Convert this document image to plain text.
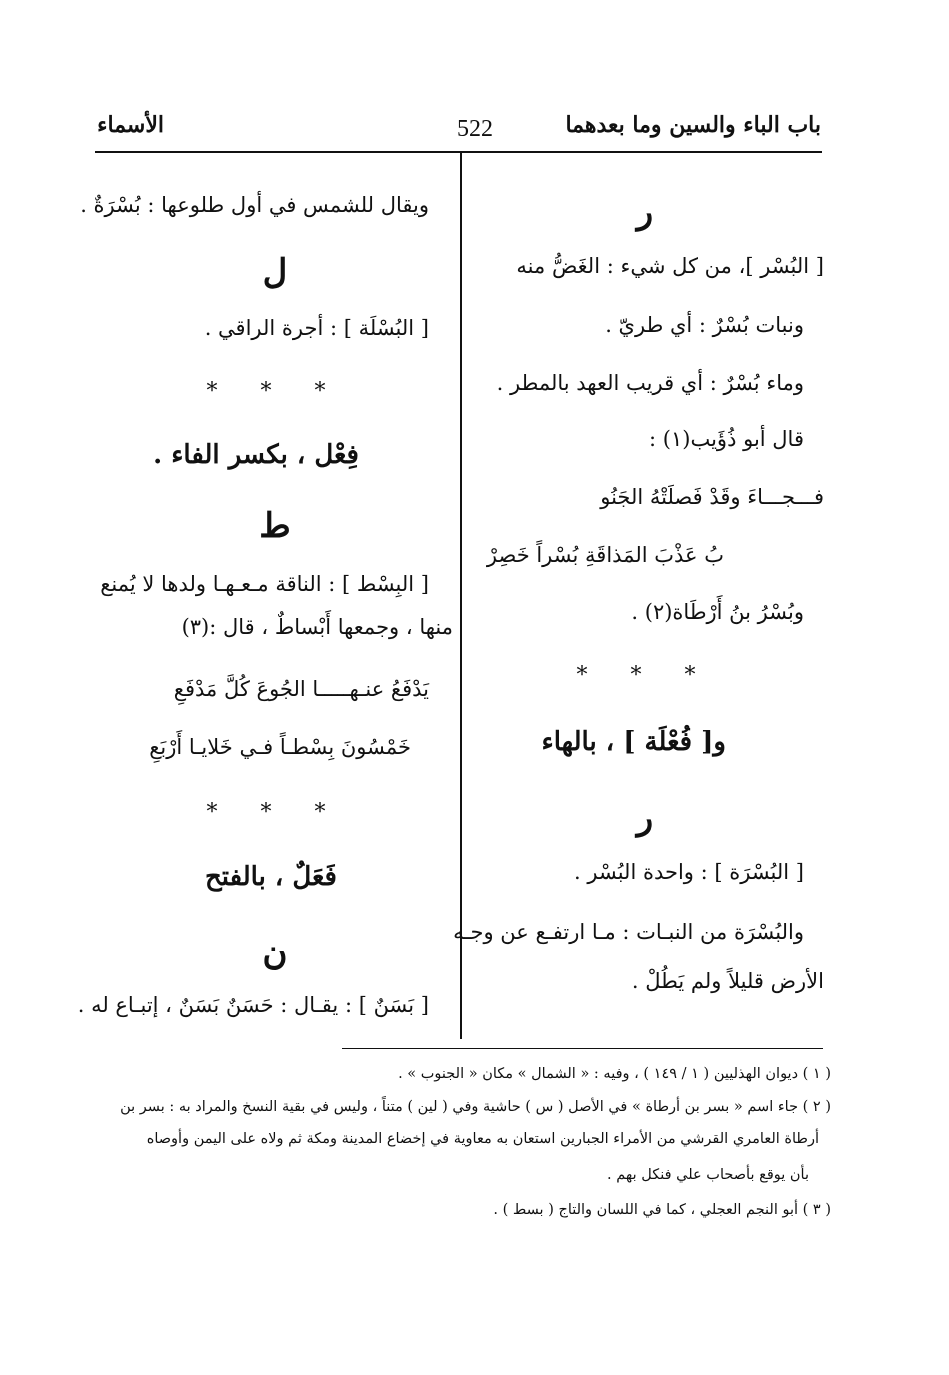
باب الباء والسين وما بعدهما
522
الأسماء
ر
[ البُسْر ]، من كل شيء : الغَضُّ منه
ونبات بُسْرٌ : أي طريّ .
وماء بُسْرٌ : أي قريب العهد بالمطر .
قال أبو ذُؤَيب(١) :
فـــجـــاءَ وقَدْ فَصلَتْهُ الجَنُو
بُ عَذْبَ المَذاقَةِ بُسْراً خَصِرْ
وبُسْرُ بنُ أَرْطَاة(٢) .
* * *
و[ فُعْلَة ] ، بالهاء
ر
[ البُسْرَة ] : واحدة البُسْر .
والبُسْرَة من النبـات : مـا ارتفـع عن وجـه
الأرض قليلاً ولم يَطُلْ .
ويقال للشمس في أول طلوعها : بُسْرَةٌ .
ل
[ البُسْلَة ] : أجرة الراقي .
* * *
فِعْل ، بكسر الفاء .
ط
[ البِسْط ] : الناقة مـعـهـا ولدها لا يُمنع
منها ، وجمعها أَبْساطٌ ، قال :(٣)
يَدْفَعُ عنـهـــــا الجُوعَ كُلَّ مَدْفَعِ
خَمْسُونَ بِسْطـاً فـي خَلايـا أَرْبَعِ
* * *
فَعَلٌ ، بالفتح
ن
[ بَسَنٌ ] : يقـال : حَسَنٌ بَسَنٌ ، إتبـاع له .
( ١ ) ديوان الهذليين ( ١ / ١٤٩ ) ، وفيه : « الشمال » مكان « الجنوب » .
( ٢ ) جاء اسم « بسر بن أرطاة » في الأصل ( س ) حاشية وفي ( لين ) متناً ، وليس في بقية النسخ والمراد به : بسر بن
أرطاة العامري القرشي من الأمراء الجبارين استعان به معاوية في إخضاع المدينة ومكة ثم ولاه على اليمن وأوصاه
بأن يوقع بأصحاب علي فنكل بهم .
( ٣ ) أبو النجم العجلي ، كما في اللسان والتاج ( بسط ) .
